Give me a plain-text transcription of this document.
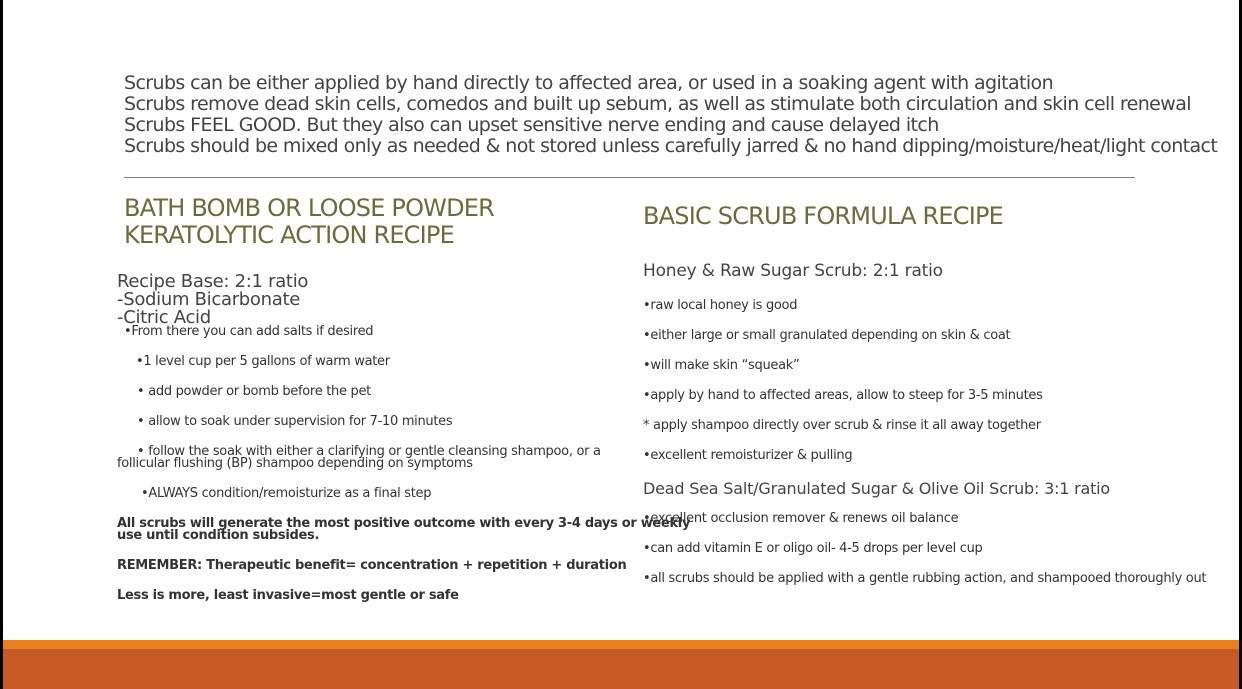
Scrubs can be either applied by hand directly to affected area, or used in a soaking agent with agitation
Scrubs remove dead skin cells, comedos and built up sebum, as well as stimulate both circulation and skin cell renewal
Scrubs FEEL GOOD. But they also can upset sensitive nerve ending and cause delayed itch
Scrubs should be mixed only as needed & not stored unless carefully jarred & no hand dipping/moisture/heat/light contact
BATH BOMB OR LOOSE POWDER
KERATOLYTIC ACTION RECIPE
Recipe Base: 2:1 ratio
-Sodium Bicarbonate
-Citric Acid
•From there you can add salts if desired
•1 level cup per 5 gallons of warm water
• add powder or bomb before the pet
• allow to soak under supervision for 7-10 minutes
• follow the soak with either a clarifying or gentle cleansing shampoo, or a
follicular flushing (BP) shampoo depending on symptoms
•ALWAYS condition/remoisturize as a final step
All scrubs will generate the most positive outcome with every 3-4 days or weekly
use until condition subsides.
REMEMBER: Therapeutic benefit= concentration + repetition + duration
Less is more, least invasive=most gentle or safe
BASIC SCRUB FORMULA RECIPE
Honey & Raw Sugar Scrub: 2:1 ratio
•raw local honey is good
•either large or small granulated depending on skin & coat
•will make skin “squeak”
•apply by hand to affected areas, allow to steep for 3-5 minutes
* apply shampoo directly over scrub & rinse it all away together
•excellent remoisturizer & pulling
Dead Sea Salt/Granulated Sugar & Olive Oil Scrub: 3:1 ratio
•excellent occlusion remover & renews oil balance
•can add vitamin E or oligo oil- 4-5 drops per level cup
•all scrubs should be applied with a gentle rubbing action, and shampooed thoroughly out
